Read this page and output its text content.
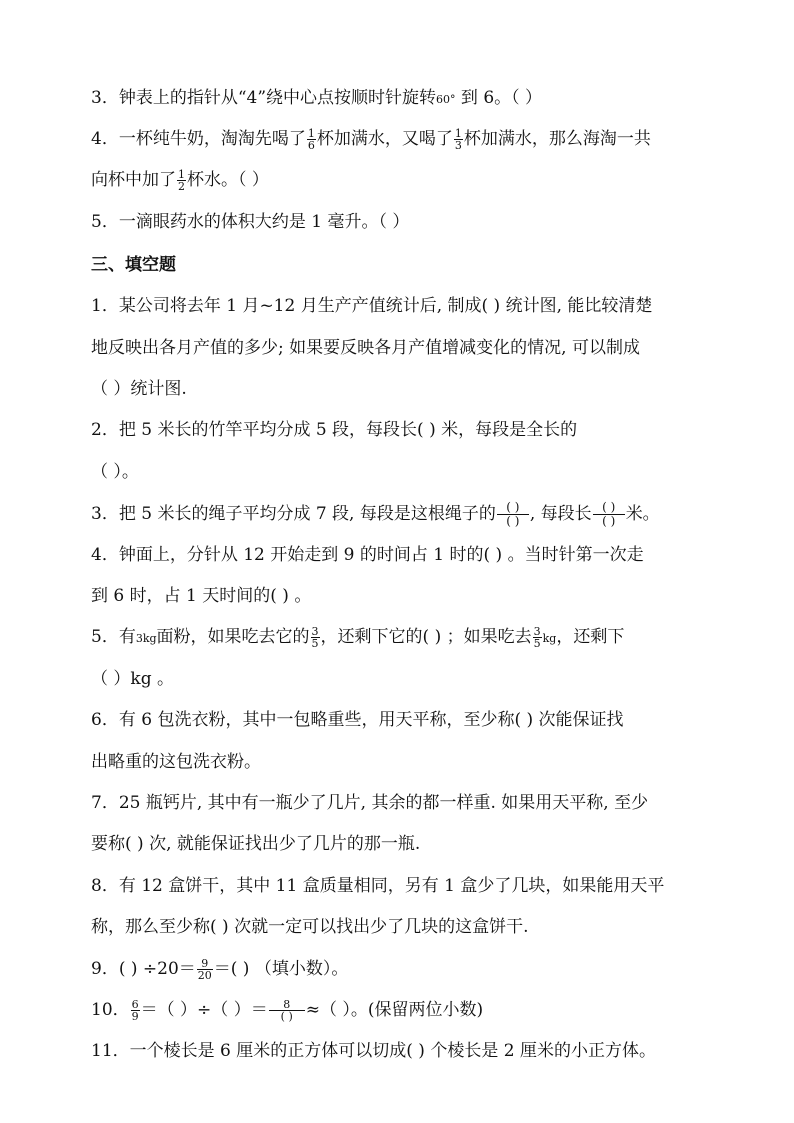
3．钟表上的指针从“4”绕中心点按顺时针旋转60° 到 6。（ ）
4．一杯纯牛奶，淘淘先喝了 $\frac{1}{6}$ 杯加满水，又喝了 $\frac{1}{3}$ 杯加满水，那么海淘一共
向杯中加了 $\frac{1}{2}$ 杯水。（ ）
5．一滴眼药水的体积大约是 1 毫升。（ ）
三、填空题
1．某公司将去年 1 月~12 月生产产值统计后, 制成( ) 统计图, 能比较清楚
地反映出各月产值的多少; 如果要反映各月产值增减变化的情况, 可以制成
（ ）统计图.
2．把 5 米长的竹竿平均分成 5 段，每段长( ) 米，每段是全长的
（ ）。
3．把 5 米长的绳子平均分成 7 段, 每段是这根绳子的 $\frac{( )}{( )}$ , 每段长 $\frac{( )}{( )}$ 米。
4．钟面上，分针从 12 开始走到 9 的时间占 1 时的( ) 。当时针第一次走
到 6 时，占 1 天时间的( ) 。
5．有3kg面粉，如果吃去它的 $\frac{3}{5}$ ，还剩下它的( ) ；如果吃去 $\frac{3}{5}$ kg，还剩下
（ ）kg 。
6．有 6 包洗衣粉，其中一包略重些，用天平称，至少称( ) 次能保证找
出略重的这包洗衣粉。
7．25 瓶钙片, 其中有一瓶少了几片, 其余的都一样重. 如果用天平称, 至少
要称( ) 次, 就能保证找出少了几片的那一瓶.
8．有 12 盒饼干，其中 11 盒质量相同，另有 1 盒少了几块，如果能用天平
称，那么至少称( ) 次就一定可以找出少了几块的这盒饼干.
9．( ) $\div 20= \frac{9}{20}$ ＝( ) （填小数）。
10． $\frac{6}{9}$ ＝（ ）÷（ ）＝ $\frac{8}{( )}$ ≈（ ）。(保留两位小数)
11．一个棱长是 6 厘米的正方体可以切成( ) 个棱长是 2 厘米的小正方体。
